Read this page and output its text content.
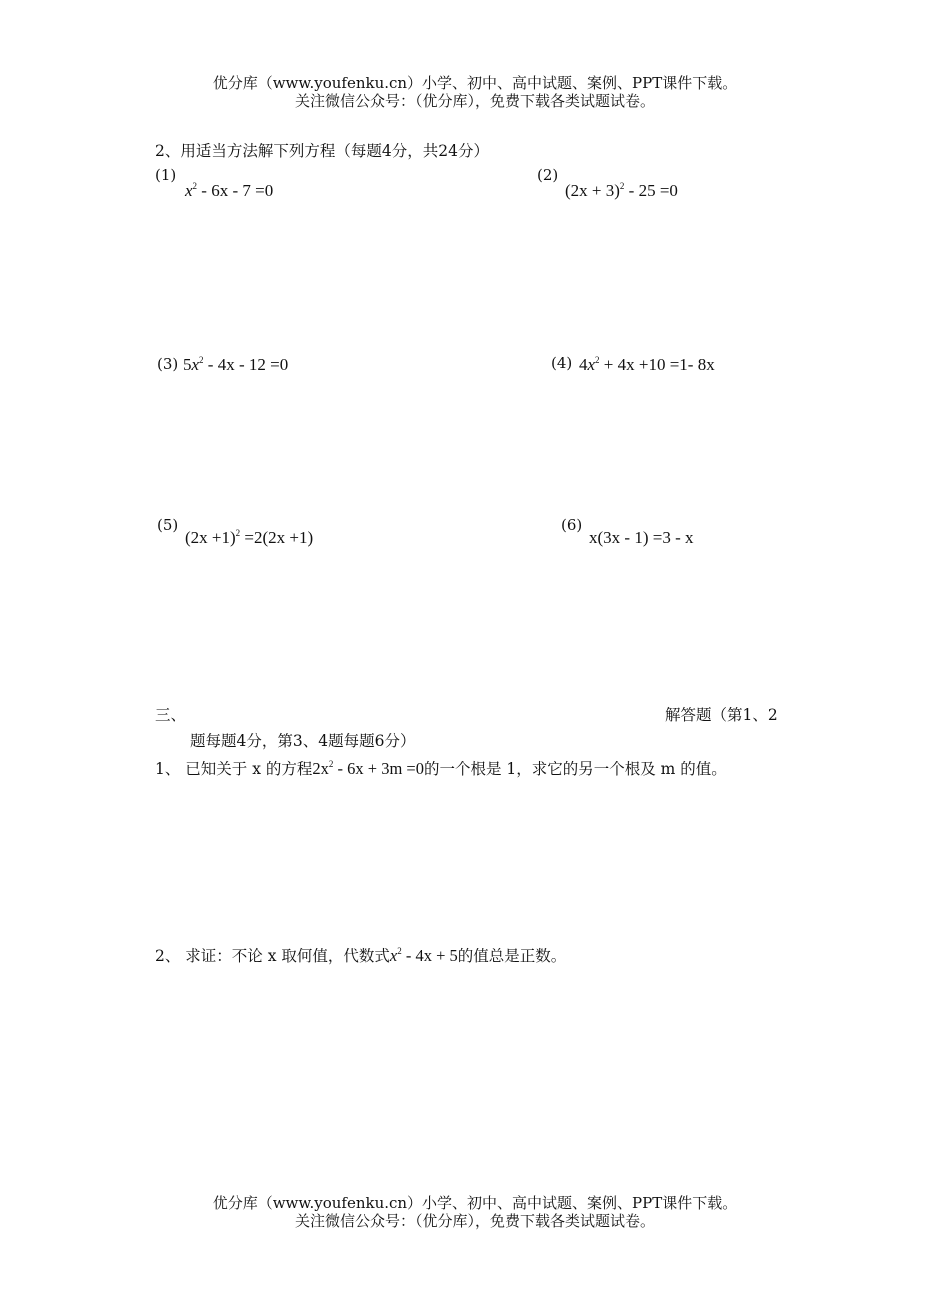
优分库（www.youfenku.cn）小学、初中、高中试题、案例、PPT课件下载。
关注微信公众号：（优分库），免费下载各类试题试卷。
2、用适当方法解下列方程（每题4分，共24分）
(1)
$x^2 - 6x - 7 =0$
(2)
$(2x + 3)^2 - 25 =0$
(3) $5x^2 - 4x - 12 =0$	(4) $4x^2 + 4x +10 =1-$ 8x
(5)
$(2x +1)^2 =2(2x +1)$
(6)
x(3x - 1) =3 - x
三、	解答题（第1、2
题每题4分，第3、4题每题6分）
1、 已知关于 x 的方程$2x^2 - 6x + 3m =0$的一个根是 1，求它的另一个根及 m 的值。
2、 求证：不论 x 取何值，代数式$x^2 - 4x + 5$的值总是正数。
优分库（www.youfenku.cn）小学、初中、高中试题、案例、PPT课件下载。
关注微信公众号：（优分库），免费下载各类试题试卷。
